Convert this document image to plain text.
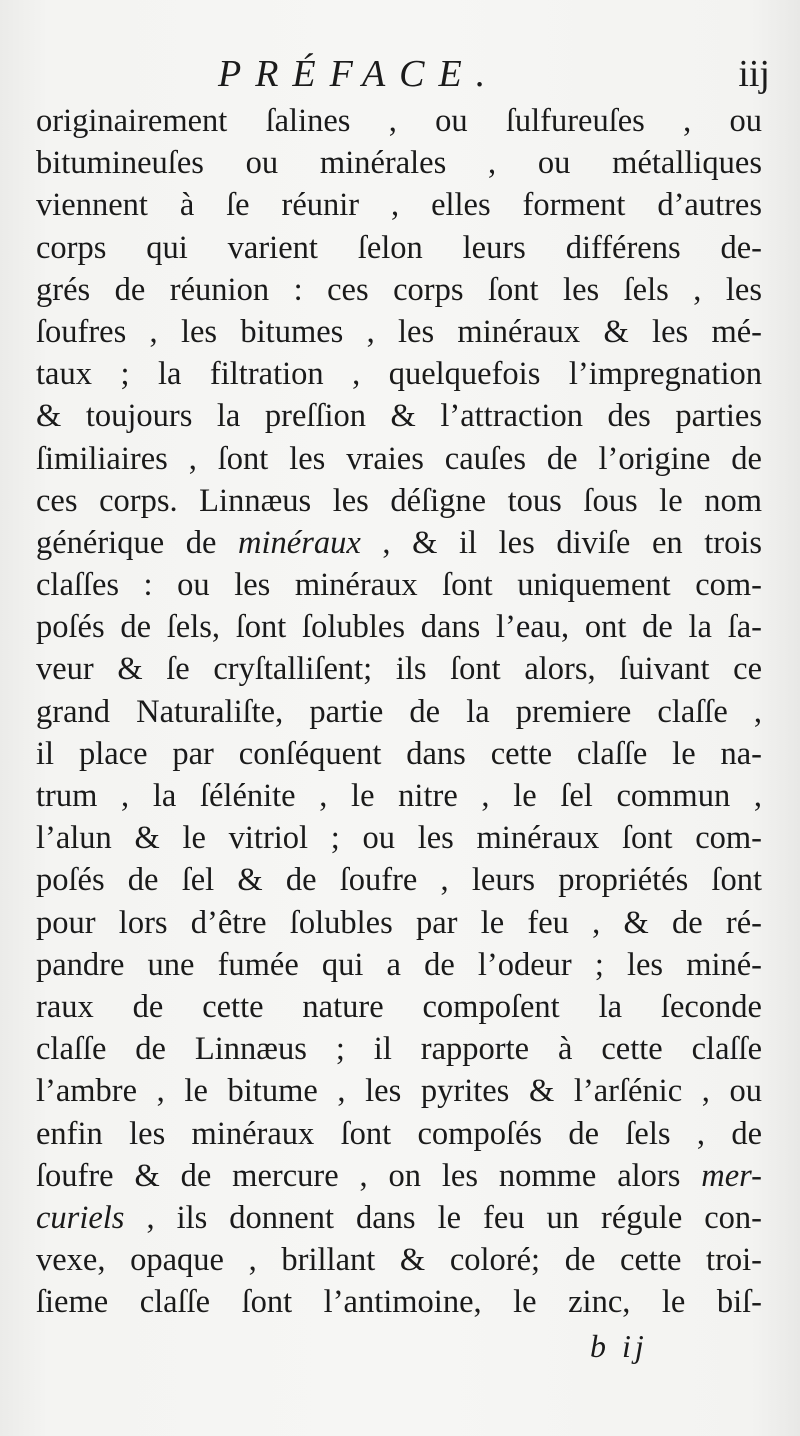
PRÉFACE.	iij
originairement ſalines , ou ſulfureuſes , ou
bitumineuſes ou minérales , ou métalliques
viennent à ſe réunir , elles forment d’autres
corps qui varient ſelon leurs différens de-
grés de réunion : ces corps ſont les ſels , les
ſoufres , les bitumes , les minéraux & les mé-
taux ; la filtration , quelquefois l’impregnation
& toujours la preſſion & l’attraction des parties
ſimiliaires , ſont les vraies cauſes de l’origine de
ces corps. Linnæus les déſigne tous ſous le nom
générique de minéraux , & il les diviſe en trois
claſſes : ou les minéraux ſont uniquement com-
poſés de ſels, ſont ſolubles dans l’eau, ont de la ſa-
veur & ſe cryſtalliſent; ils ſont alors, ſuivant ce
grand Naturaliſte, partie de la premiere claſſe ,
il place par conſéquent dans cette claſſe le na-
trum , la ſélénite , le nitre , le ſel commun ,
l’alun & le vitriol ; ou les minéraux ſont com-
poſés de ſel & de ſoufre , leurs propriétés ſont
pour lors d’être ſolubles par le feu , & de ré-
pandre une fumée qui a de l’odeur ; les miné-
raux de cette nature compoſent la ſeconde
claſſe de Linnæus ; il rapporte à cette claſſe
l’ambre , le bitume , les pyrites & l’arſénic , ou
enfin les minéraux ſont compoſés de ſels , de
ſoufre & de mercure , on les nomme alors mer-
curiels , ils donnent dans le feu un régule con-
vexe, opaque , brillant & coloré; de cette troi-
ſieme claſſe ſont l’antimoine, le zinc, le biſ-
b ij
